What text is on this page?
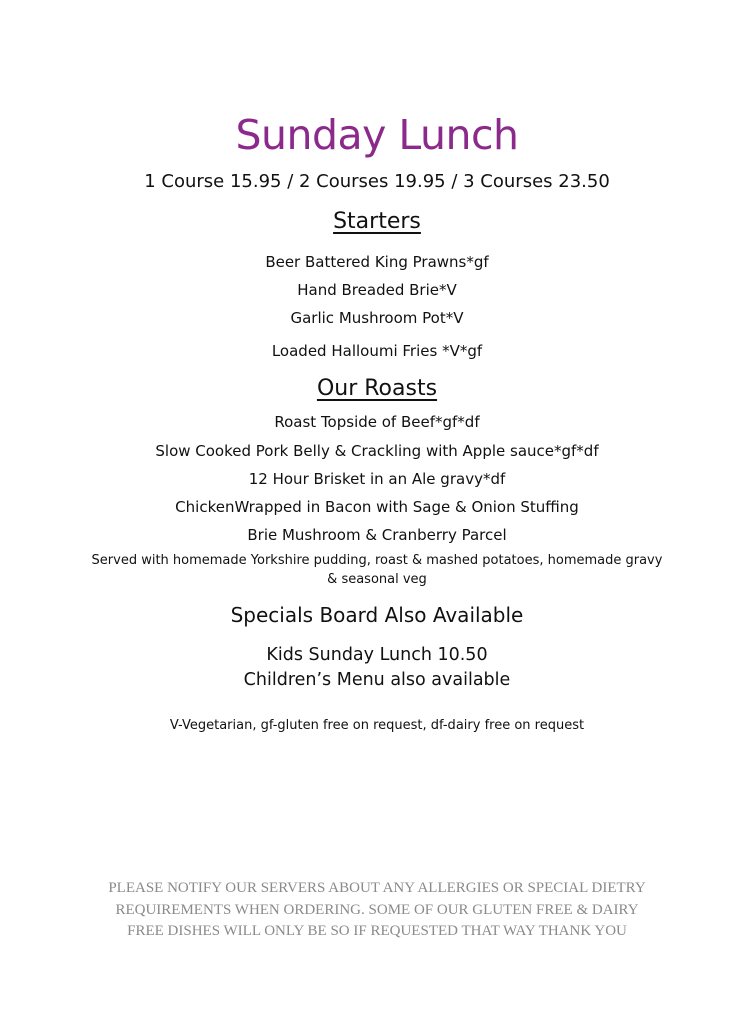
Sunday Lunch
1 Course 15.95 / 2 Courses 19.95 / 3 Courses 23.50
Starters
Beer Battered King Prawns*gf
Hand Breaded Brie*V
Garlic Mushroom Pot*V
Loaded Halloumi Fries *V*gf
Our Roasts
Roast Topside of Beef*gf*df
Slow Cooked Pork Belly & Crackling with Apple sauce*gf*df
12 Hour Brisket in an Ale gravy*df
ChickenWrapped in Bacon with Sage & Onion Stuffing
Brie Mushroom & Cranberry Parcel
Served with homemade Yorkshire pudding, roast & mashed potatoes, homemade gravy & seasonal veg
Specials Board Also Available
Kids Sunday Lunch 10.50
Children’s Menu also available
V-Vegetarian, gf-gluten free on request, df-dairy free on request
PLEASE NOTIFY OUR SERVERS ABOUT ANY ALLERGIES OR SPECIAL DIETRY REQUIREMENTS WHEN ORDERING. SOME OF OUR GLUTEN FREE & DAIRY FREE DISHES WILL ONLY BE SO IF REQUESTED THAT WAY THANK YOU
